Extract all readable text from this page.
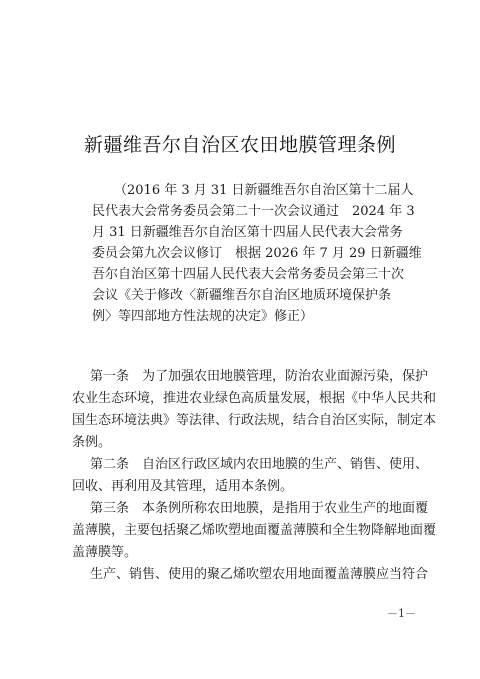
新疆维吾尔自治区农田地膜管理条例
（2016 年 3 月 31 日新疆维吾尔自治区第十二届人
民代表大会常务委员会第二十一次会议通过　2024 年 3
月 31 日新疆维吾尔自治区第十四届人民代表大会常务
委员会第九次会议修订　根据 2026 年 7 月 29 日新疆维
吾尔自治区第十四届人民代表大会常务委员会第三十次
会议《关于修改〈新疆维吾尔自治区地质环境保护条
例〉等四部地方性法规的决定》修正）
第一条　为了加强农田地膜管理，防治农业面源污染，保护
农业生态环境，推进农业绿色高质量发展，根据《中华人民共和
国生态环境法典》等法律、行政法规，结合自治区实际，制定本
条例。
第二条　自治区行政区域内农田地膜的生产、销售、使用、
回收、再利用及其管理，适用本条例。
第三条　本条例所称农田地膜，是指用于农业生产的地面覆
盖薄膜，主要包括聚乙烯吹塑地面覆盖薄膜和全生物降解地面覆
盖薄膜等。
生产、销售、使用的聚乙烯吹塑农用地面覆盖薄膜应当符合
－1－
